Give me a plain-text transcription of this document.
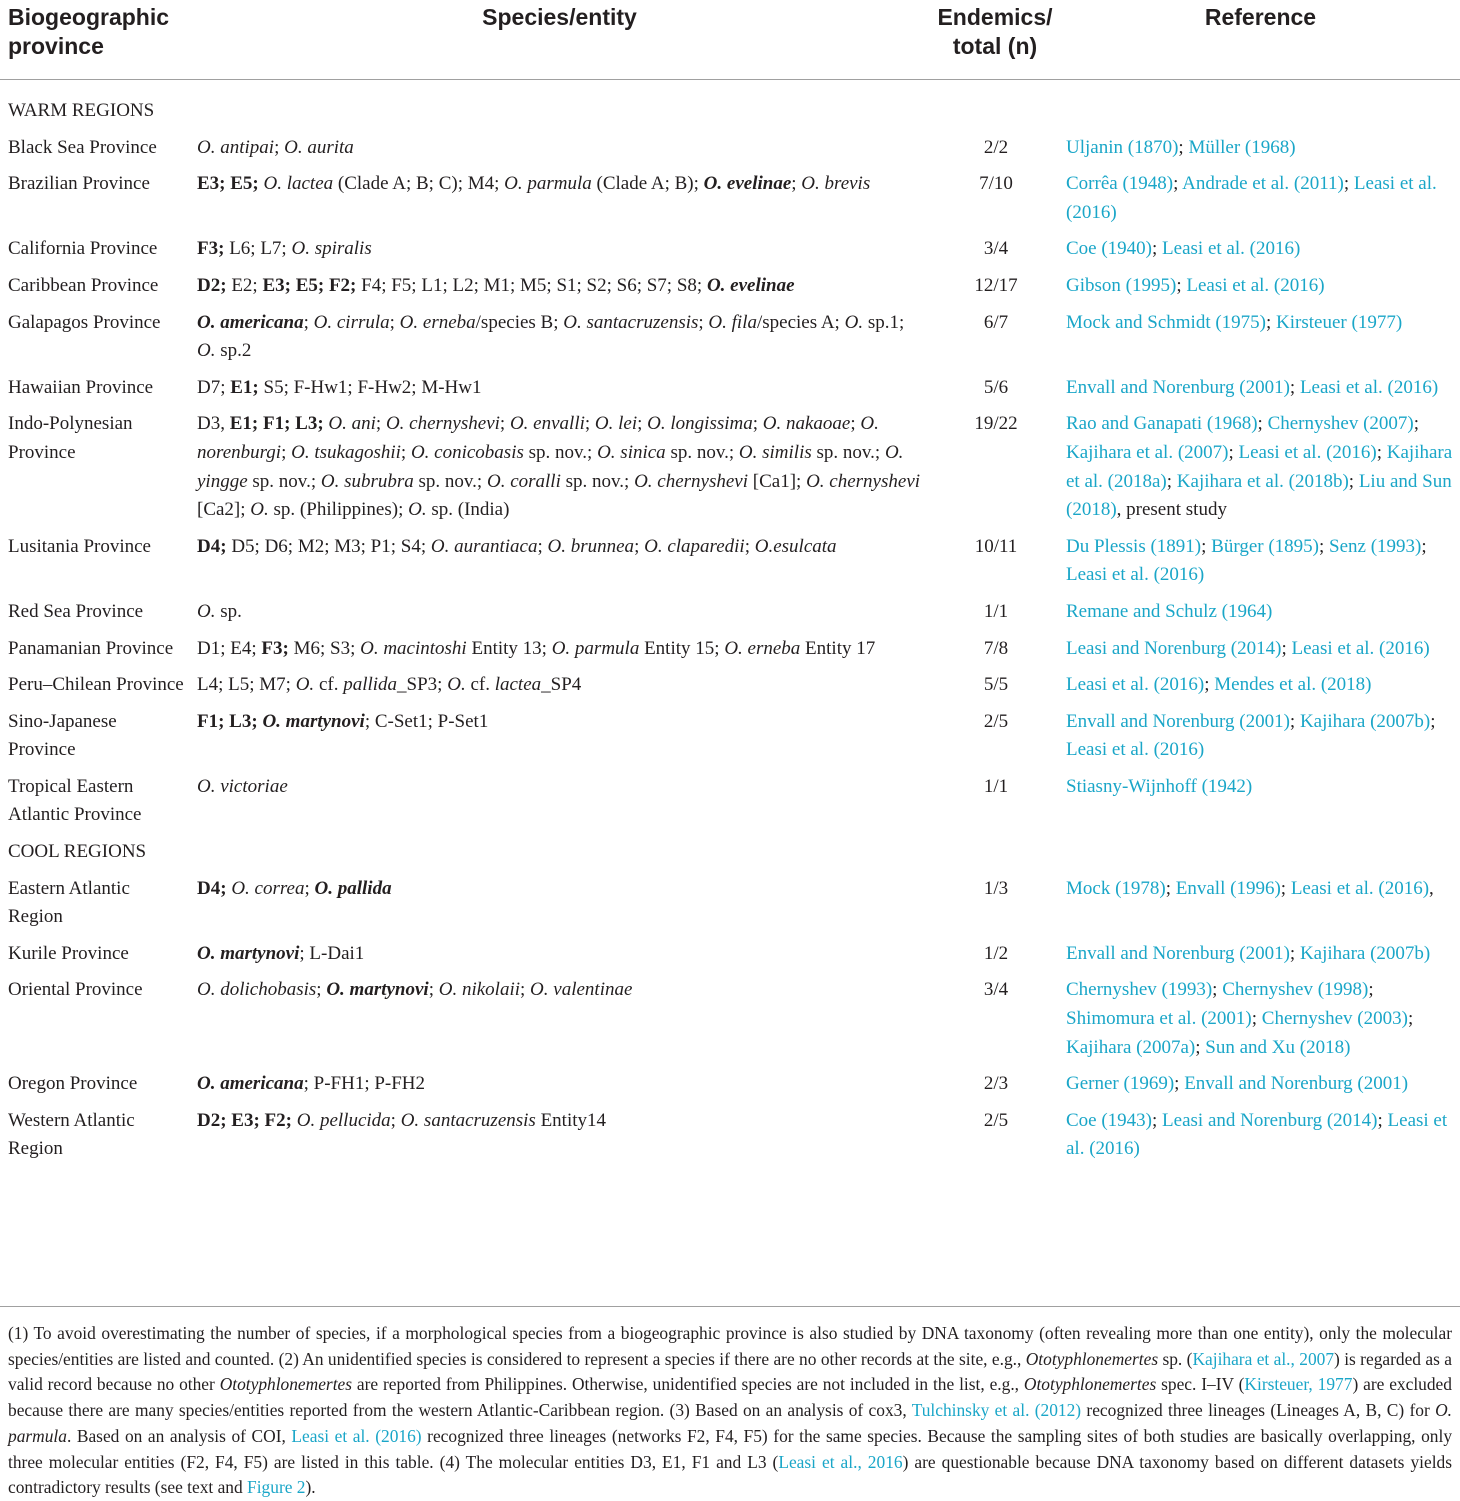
Biogeographic province	Species/entity	Endemics/ total (n)	Reference
WARM REGIONS			
Black Sea Province	O. antipai; O. aurita	2/2	Uljanin (1870); Müller (1968)
Brazilian Province	E3; E5; O. lactea (Clade A; B; C); M4; O. parmula (Clade A; B); O. evelinae; O. brevis	7/10	Corrêa (1948); Andrade et al. (2011); Leasi et al. (2016)
California Province	F3; L6; L7; O. spiralis	3/4	Coe (1940); Leasi et al. (2016)
Caribbean Province	D2; E2; E3; E5; F2; F4; F5; L1; L2; M1; M5; S1; S2; S6; S7; S8; O. evelinae	12/17	Gibson (1995); Leasi et al. (2016)
Galapagos Province	O. americana; O. cirrula; O. erneba/species B; O. santacruzensis; O. fila/species A; O. sp.1; O. sp.2	6/7	Mock and Schmidt (1975); Kirsteuer (1977)
Hawaiian Province	D7; E1; S5; F-Hw1; F-Hw2; M-Hw1	5/6	Envall and Norenburg (2001); Leasi et al. (2016)
Indo-Polynesian Province	D3, E1; F1; L3; O. ani; O. chernyshevi; O. envalli; O. lei; O. longissima; O. nakaoae; O. norenburgi; O. tsukagoshii; O. conicobasis sp. nov.; O. sinica sp. nov.; O. similis sp. nov.; O. yingge sp. nov.; O. subrubra sp. nov.; O. coralli sp. nov.; O. chernyshevi [Ca1]; O. chernyshevi [Ca2]; O. sp. (Philippines); O. sp. (India)	19/22	Rao and Ganapati (1968); Chernyshev (2007); Kajihara et al. (2007); Leasi et al. (2016); Kajihara et al. (2018a); Kajihara et al. (2018b); Liu and Sun (2018), present study
Lusitania Province	D4; D5; D6; M2; M3; P1; S4; O. aurantiaca; O. brunnea; O. claparedii; O.esulcata	10/11	Du Plessis (1891); Bürger (1895); Senz (1993); Leasi et al. (2016)
Red Sea Province	O. sp.	1/1	Remane and Schulz (1964)
Panamanian Province	D1; E4; F3; M6; S3; O. macintoshi Entity 13; O. parmula Entity 15; O. erneba Entity 17	7/8	Leasi and Norenburg (2014); Leasi et al. (2016)
Peru–Chilean Province	L4; L5; M7; O. cf. pallida_SP3; O. cf. lactea_SP4	5/5	Leasi et al. (2016); Mendes et al. (2018)
Sino-Japanese Province	F1; L3; O. martynovi; C-Set1; P-Set1	2/5	Envall and Norenburg (2001); Kajihara (2007b); Leasi et al. (2016)
Tropical Eastern Atlantic Province	O. victoriae	1/1	Stiasny-Wijnhoff (1942)
COOL REGIONS			
Eastern Atlantic Region	D4; O. correa; O. pallida	1/3	Mock (1978); Envall (1996); Leasi et al. (2016),
Kurile Province	O. martynovi; L-Dai1	1/2	Envall and Norenburg (2001); Kajihara (2007b)
Oriental Province	O. dolichobasis; O. martynovi; O. nikolaii; O. valentinae	3/4	Chernyshev (1993); Chernyshev (1998); Shimomura et al. (2001); Chernyshev (2003); Kajihara (2007a); Sun and Xu (2018)
Oregon Province	O. americana; P-FH1; P-FH2	2/3	Gerner (1969); Envall and Norenburg (2001)
Western Atlantic Region	D2; E3; F2; O. pellucida; O. santacruzensis Entity14	2/5	Coe (1943); Leasi and Norenburg (2014); Leasi et al. (2016)
(1) To avoid overestimating the number of species, if a morphological species from a biogeographic province is also studied by DNA taxonomy (often revealing more than one entity), only the molecular species/entities are listed and counted. (2) An unidentified species is considered to represent a species if there are no other records at the site, e.g., Ototyphlonemertes sp. (Kajihara et al., 2007) is regarded as a valid record because no other Ototyphlonemertes are reported from Philippines. Otherwise, unidentified species are not included in the list, e.g., Ototyphlonemertes spec. I–IV (Kirsteuer, 1977) are excluded because there are many species/entities reported from the western Atlantic-Caribbean region. (3) Based on an analysis of cox3, Tulchinsky et al. (2012) recognized three lineages (Lineages A, B, C) for O. parmula. Based on an analysis of COI, Leasi et al. (2016) recognized three lineages (networks F2, F4, F5) for the same species. Because the sampling sites of both studies are basically overlapping, only three molecular entities (F2, F4, F5) are listed in this table. (4) The molecular entities D3, E1, F1 and L3 (Leasi et al., 2016) are questionable because DNA taxonomy based on different datasets yields contradictory results (see text and Figure 2).
